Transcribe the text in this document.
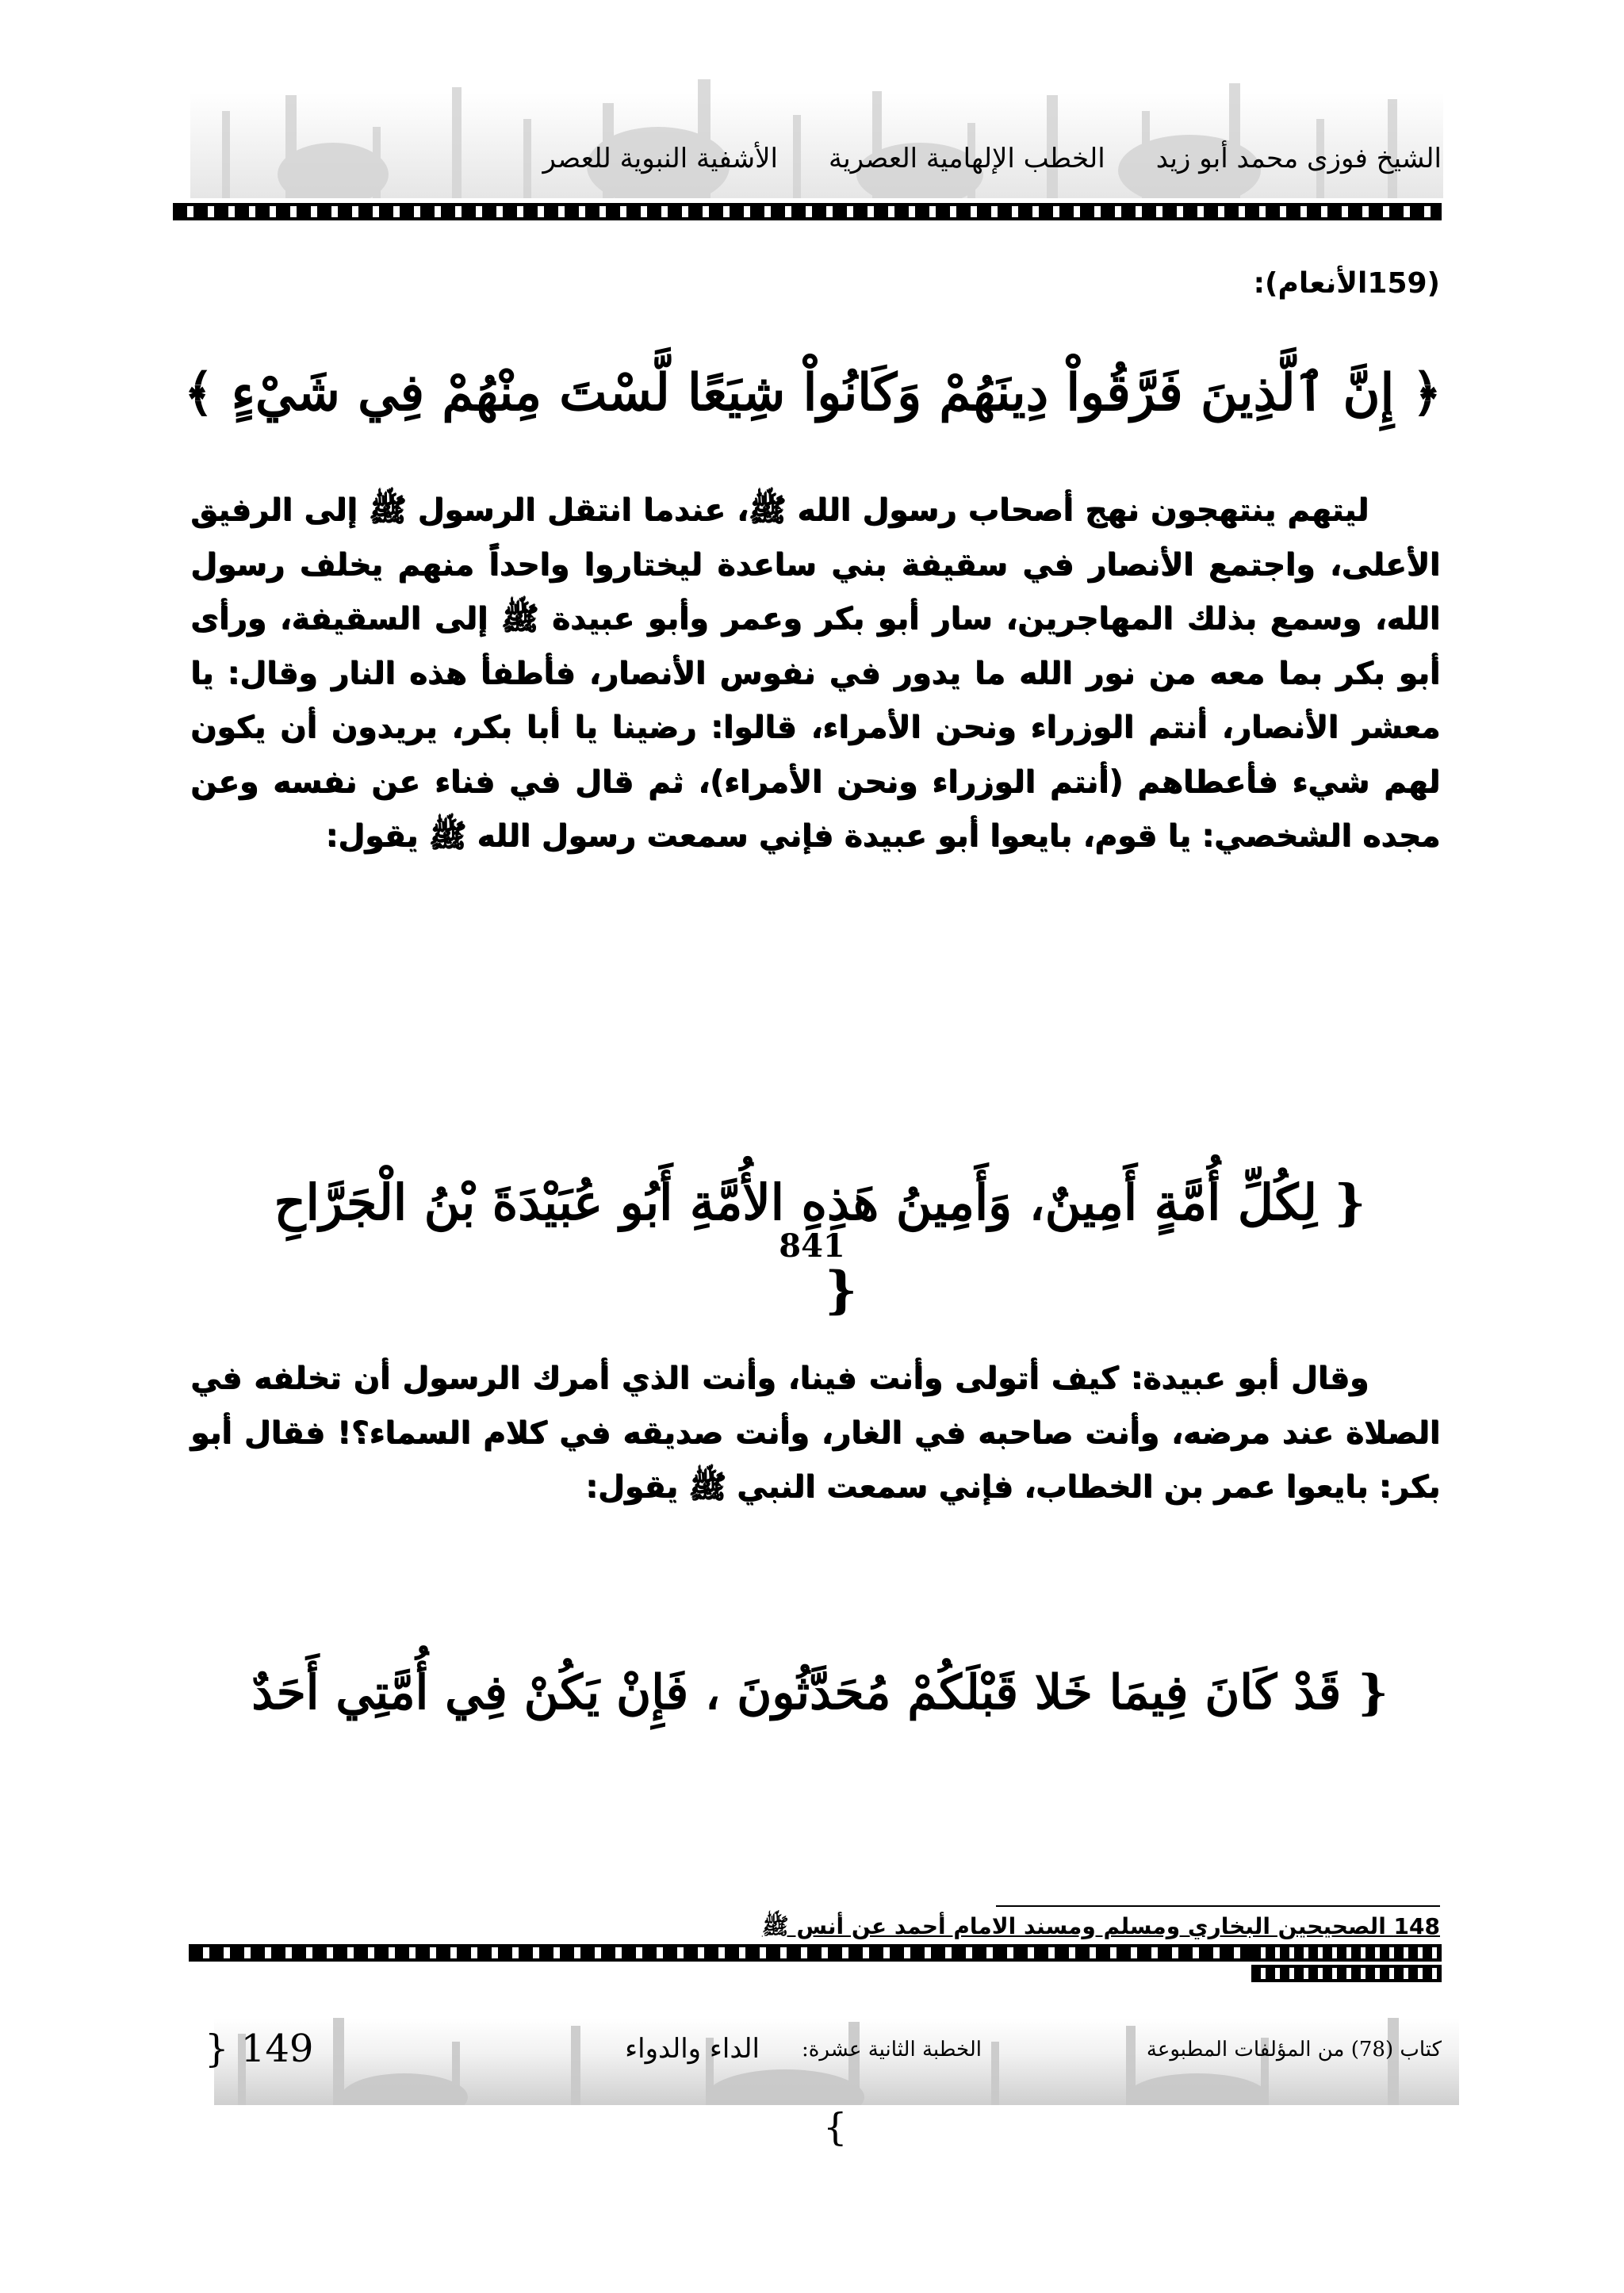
الشيخ فوزى محمد أبو زيد
الخطب الإلهامية العصرية
الأشفية النبوية للعصر
(159الأنعام):
﴿ إِنَّ ٱلَّذِينَ فَرَّقُواْ دِينَهُمْ وَكَانُواْ شِيَعًا لَّسْتَ مِنْهُمْ فِي شَيْءٍ ﴾
ليتهم ينتهجون نهج أصحاب رسول الله ﷺ، عندما انتقل الرسول ﷺ إلى الرفيق الأعلى، واجتمع الأنصار في سقيفة بني ساعدة ليختاروا واحداً منهم يخلف رسول الله، وسمع بذلك المهاجرين، سار أبو بكر وعمر وأبو عبيدة ﷺ إلى السقيفة، ورأى أبو بكر بما معه من نور الله ما يدور في نفوس الأنصار، فأطفأ هذه النار وقال: يا معشر الأنصار، أنتم الوزراء ونحن الأمراء، قالوا: رضينا يا أبا بكر، يريدون أن يكون لهم شيء فأعطاهم (أنتم الوزراء ونحن الأمراء)، ثم قال في فناء عن نفسه وعن مجده الشخصي: يا قوم، بايعوا أبو عبيدة فإني سمعت رسول الله ﷺ يقول:
{ لِكُلِّ أُمَّةٍ أَمِينٌ، وَأَمِينُ هَذِهِ الأُمَّةِ أَبُو عُبَيْدَةَ بْنُ الْجَرَّاحِ
841
}
وقال أبو عبيدة: كيف أتولى وأنت فينا، وأنت الذي أمرك الرسول أن تخلفه في الصلاة عند مرضه، وأنت صاحبه في الغار، وأنت صديقه في كلام السماء؟! فقال أبو بكر: بايعوا عمر بن الخطاب، فإني سمعت النبي ﷺ يقول:
{ قَدْ كَانَ فِيمَا خَلا قَبْلَكُمْ مُحَدَّثُونَ ، فَإِنْ يَكُنْ فِي أُمَّتِي أَحَدٌ
148 الصحيحين البخاري ومسلم ومسند الامام أحمد عن أنس ﷺ
كتاب (78) من المؤلفات المطبوعة
الخطبة الثانية عشرة:
الداء والدواء
149 {
{
